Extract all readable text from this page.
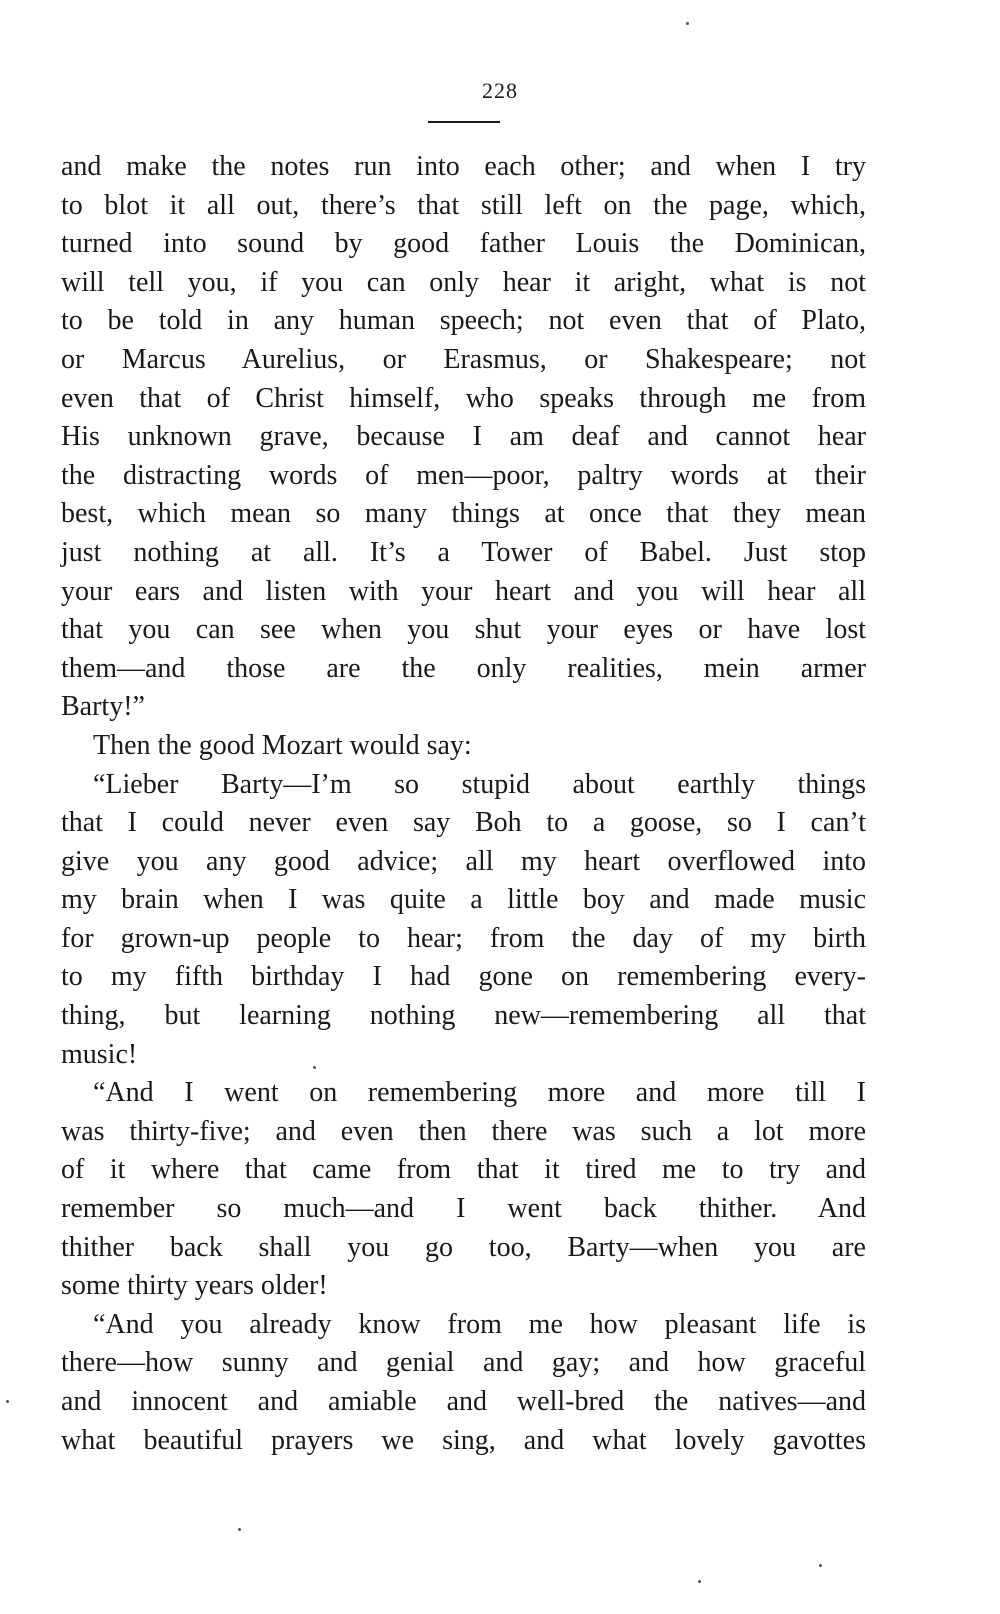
228
and make the notes run into each other; and when I try
to blot it all out, there’s that still left on the page, which,
turned into sound by good father Louis the Dominican,
will tell you, if you can only hear it aright, what is not
to be told in any human speech; not even that of Plato,
or Marcus Aurelius, or Erasmus, or Shakespeare; not
even that of Christ himself, who speaks through me from
His unknown grave, because I am deaf and cannot hear
the distracting words of men—poor, paltry words at their
best, which mean so many things at once that they mean
just nothing at all. It’s a Tower of Babel. Just stop
your ears and listen with your heart and you will hear all
that you can see when you shut your eyes or have lost
them—and those are the only realities, mein armer
Barty!”
Then the good Mozart would say:
“Lieber Barty—I’m so stupid about earthly things
that I could never even say Boh to a goose, so I can’t
give you any good advice; all my heart overflowed into
my brain when I was quite a little boy and made music
for grown-up people to hear; from the day of my birth
to my fifth birthday I had gone on remembering every-
thing, but learning nothing new—remembering all that
music!
“And I went on remembering more and more till I
was thirty-five; and even then there was such a lot more
of it where that came from that it tired me to try and
remember so much—and I went back thither. And
thither back shall you go too, Barty—when you are
some thirty years older!
“And you already know from me how pleasant life is
there—how sunny and genial and gay; and how graceful
and innocent and amiable and well-bred the natives—and
what beautiful prayers we sing, and what lovely gavottes
